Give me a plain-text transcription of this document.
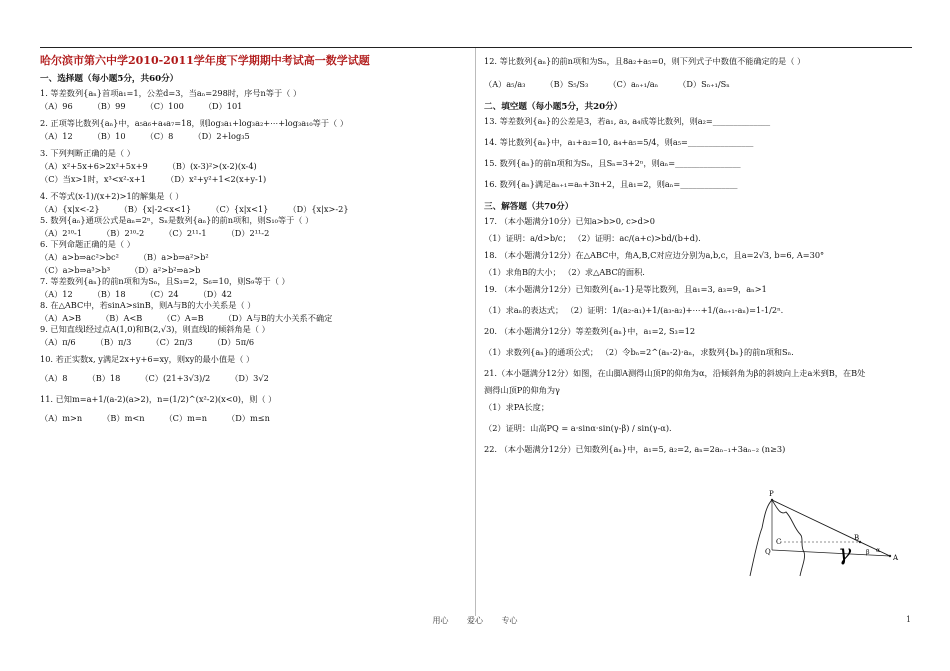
哈尔滨市第六中学2010-2011学年度下学期期中考试高一数学试题
一、选择题（每小题5分，共60分）

1. 等差数列{aₙ}首项a₁=1，公差d=3，当aₙ=298时，序号n等于（ ）

（A）96 （B）99 （C）100 （D）101

2. 正项等比数列{aₙ}中，a₅a₆+a₄a₇=18，则log₃a₁+log₃a₂+⋯+log₃a₁₀等于（ ）

（A）12 （B）10 （C）8 （D）2+log₃5

3. 下列判断正确的是（ ）

（A）x²+5x+6>2x²+5x+9 （B）(x-3)²>(x-2)(x-4)
（C）当x>1时，x³<x²-x+1 （D）x²+y²+1<2(x+y-1)

4. 不等式(x-1)/(x+2)>1的解集是（ ）

（A）{x|x<-2} （B）{x|-2<x<1} （C）{x|x<1} （D）{x|x>-2}

5. 数列{aₙ}通项公式是aₙ=2ⁿ，Sₙ是数列{aₙ}的前n项和，则S₁₀等于（ ）

（A）2¹⁰-1 （B）2¹⁰-2 （C）2¹¹-1 （D）2¹¹-2

6. 下列命题正确的是（ ）

（A）a>b⇒ac²>bc² （B）a>b⇒a²>b²
（C）a>b⇒a³>b³ （D）a²>b²⇒a>b

7. 等差数列{aₙ}的前n项和为Sₙ，且S₃=2，S₆=10，则S₉等于（ ）

（A）12 （B）18 （C）24 （D）42

8. 在△ABC中，若sinA>sinB，则A与B的大小关系是（ ）

（A）A>B （B）A<B （C）A=B （D）A与B的大小关系不确定

9. 已知直线l经过点A(1,0)和B(2,√3)，则直线l的倾斜角是（ ）

（A）π/6 （B）π/3 （C）2π/3 （D）5π/6

10. 若正实数x, y满足2x+y+6=xy，则xy的最小值是（ ）

（A）8 （B）18 （C）(21+3√3)/2 （D）3√2

11. 已知m=a+1/(a-2)(a>2)，n=(1/2)^(x²-2)(x<0)，则（ ）

（A）m>n （B）m<n （C）m=n （D）m≤n

12. 等比数列{aₙ}的前n项和为Sₙ，且8a₂+a₅=0，则下列式子中数值不能确定的是（ ）

（A）a₅/a₃ （B）S₅/S₃ （C）aₙ₊₁/aₙ （D）Sₙ₊₁/Sₙ
二、填空题（每小题5分，共20分）

13. 等差数列{aₙ}的公差是3，若a₁, a₃, a₄成等比数列，则a₂=______________

14. 等比数列{aₙ}中，a₁+a₂=10, a₄+a₅=5/4，则a₅=________________

15. 数列{aₙ}的前n项和为Sₙ，且Sₙ=3+2ⁿ，则aₙ=________________

16. 数列{aₙ}满足aₙ₊₁=aₙ+3n+2，且a₁=2，则aₙ=______________

三、解答题（共70分）

17. （本小题满分10分）已知a>b>0, c>d>0

（1）证明：a/d>b/c； （2）证明：ac/(a+c)>bd/(b+d).

18. （本小题满分12分）在△ABC中，角A,B,C对应边分别为a,b,c，且a=2√3, b=6, A=30°

（1）求角B的大小； （2）求△ABC的面积.

19. （本小题满分12分）已知数列{aₙ-1}是等比数列，且a₁=3, a₃=9，aₙ>1

（1）求aₙ的表达式； （2）证明：1/(a₂-a₁)+1/(a₃-a₂)+⋯+1/(aₙ₊₁-aₙ)=1-1/2ⁿ.

20. （本小题满分12分）等差数列{aₙ}中，a₁=2, S₃=12

（1）求数列{aₙ}的通项公式； （2）令bₙ=2^(aₙ-2)·aₙ，求数列{bₙ}的前n项和Sₙ.

21.（本小题满分12分）如图，在山脚A测得山顶P的仰角为α，沿倾斜角为β的斜坡向上走a米到B，在B处

测得山顶P的仰角为γ

（1）求PA长度；

（2）证明：山高PQ = a·sinα·sin(γ-β) / sin(γ-α).

22. （本小题满分12分）已知数列{aₙ}中，a₁=5, a₂=2, aₙ=2aₙ₋₁+3aₙ₋₂ (n≥3)

P
Q
B
A
α
β
γ
C
用心 爱心 专心	1
